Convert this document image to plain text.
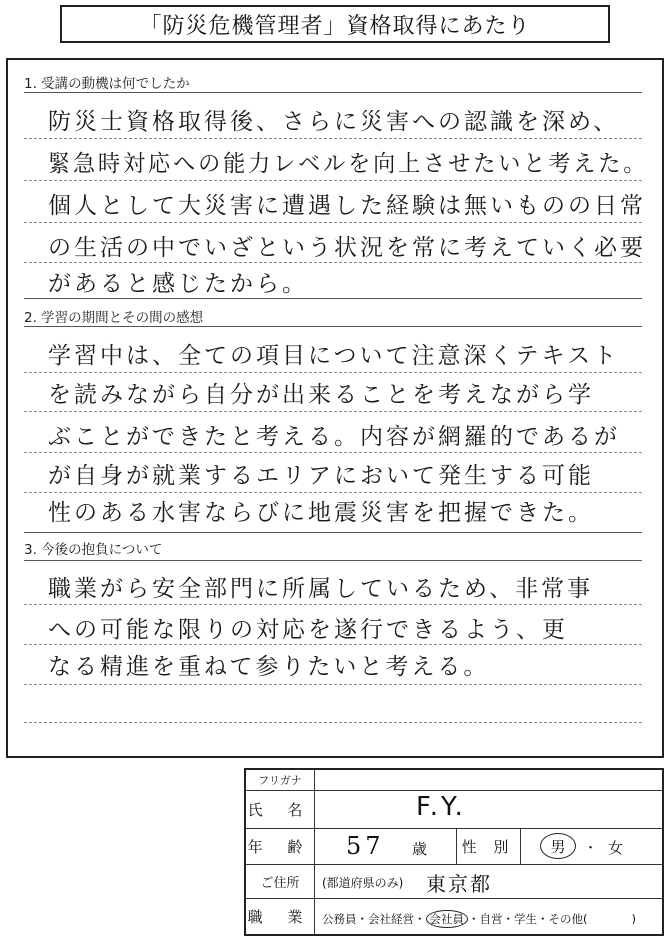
「防災危機管理者」資格取得にあたり
1. 受講の動機は何でしたか
防災士資格取得後、さらに災害への認識を深め、
緊急時対応への能力レベルを向上させたいと考えた。
個人として大災害に遭遇した経験は無いものの日常
の生活の中でいざという状況を常に考えていく必要
があると感じたから。
2. 学習の期間とその間の感想
学習中は、全ての項目について注意深くテキスト
を読みながら自分が出来ることを考えながら学
ぶことができたと考える。内容が網羅的であるが
が自身が就業するエリアにおいて発生する可能
性のある水害ならびに地震災害を把握できた。
3. 今後の抱負について
職業がら安全部門に所属しているため、非常事
への可能な限りの対応を遂行できるよう、更
なる精進を重ねて参りたいと考える。
フリガナ
氏 名	F.Y.
年 齢 57 歳	性 別	男	・ 女
ご住所	(都道府県のみ) 東京都
職 業 公務員・会社経営・ 会社員 ・自営・学生・その他(	)
